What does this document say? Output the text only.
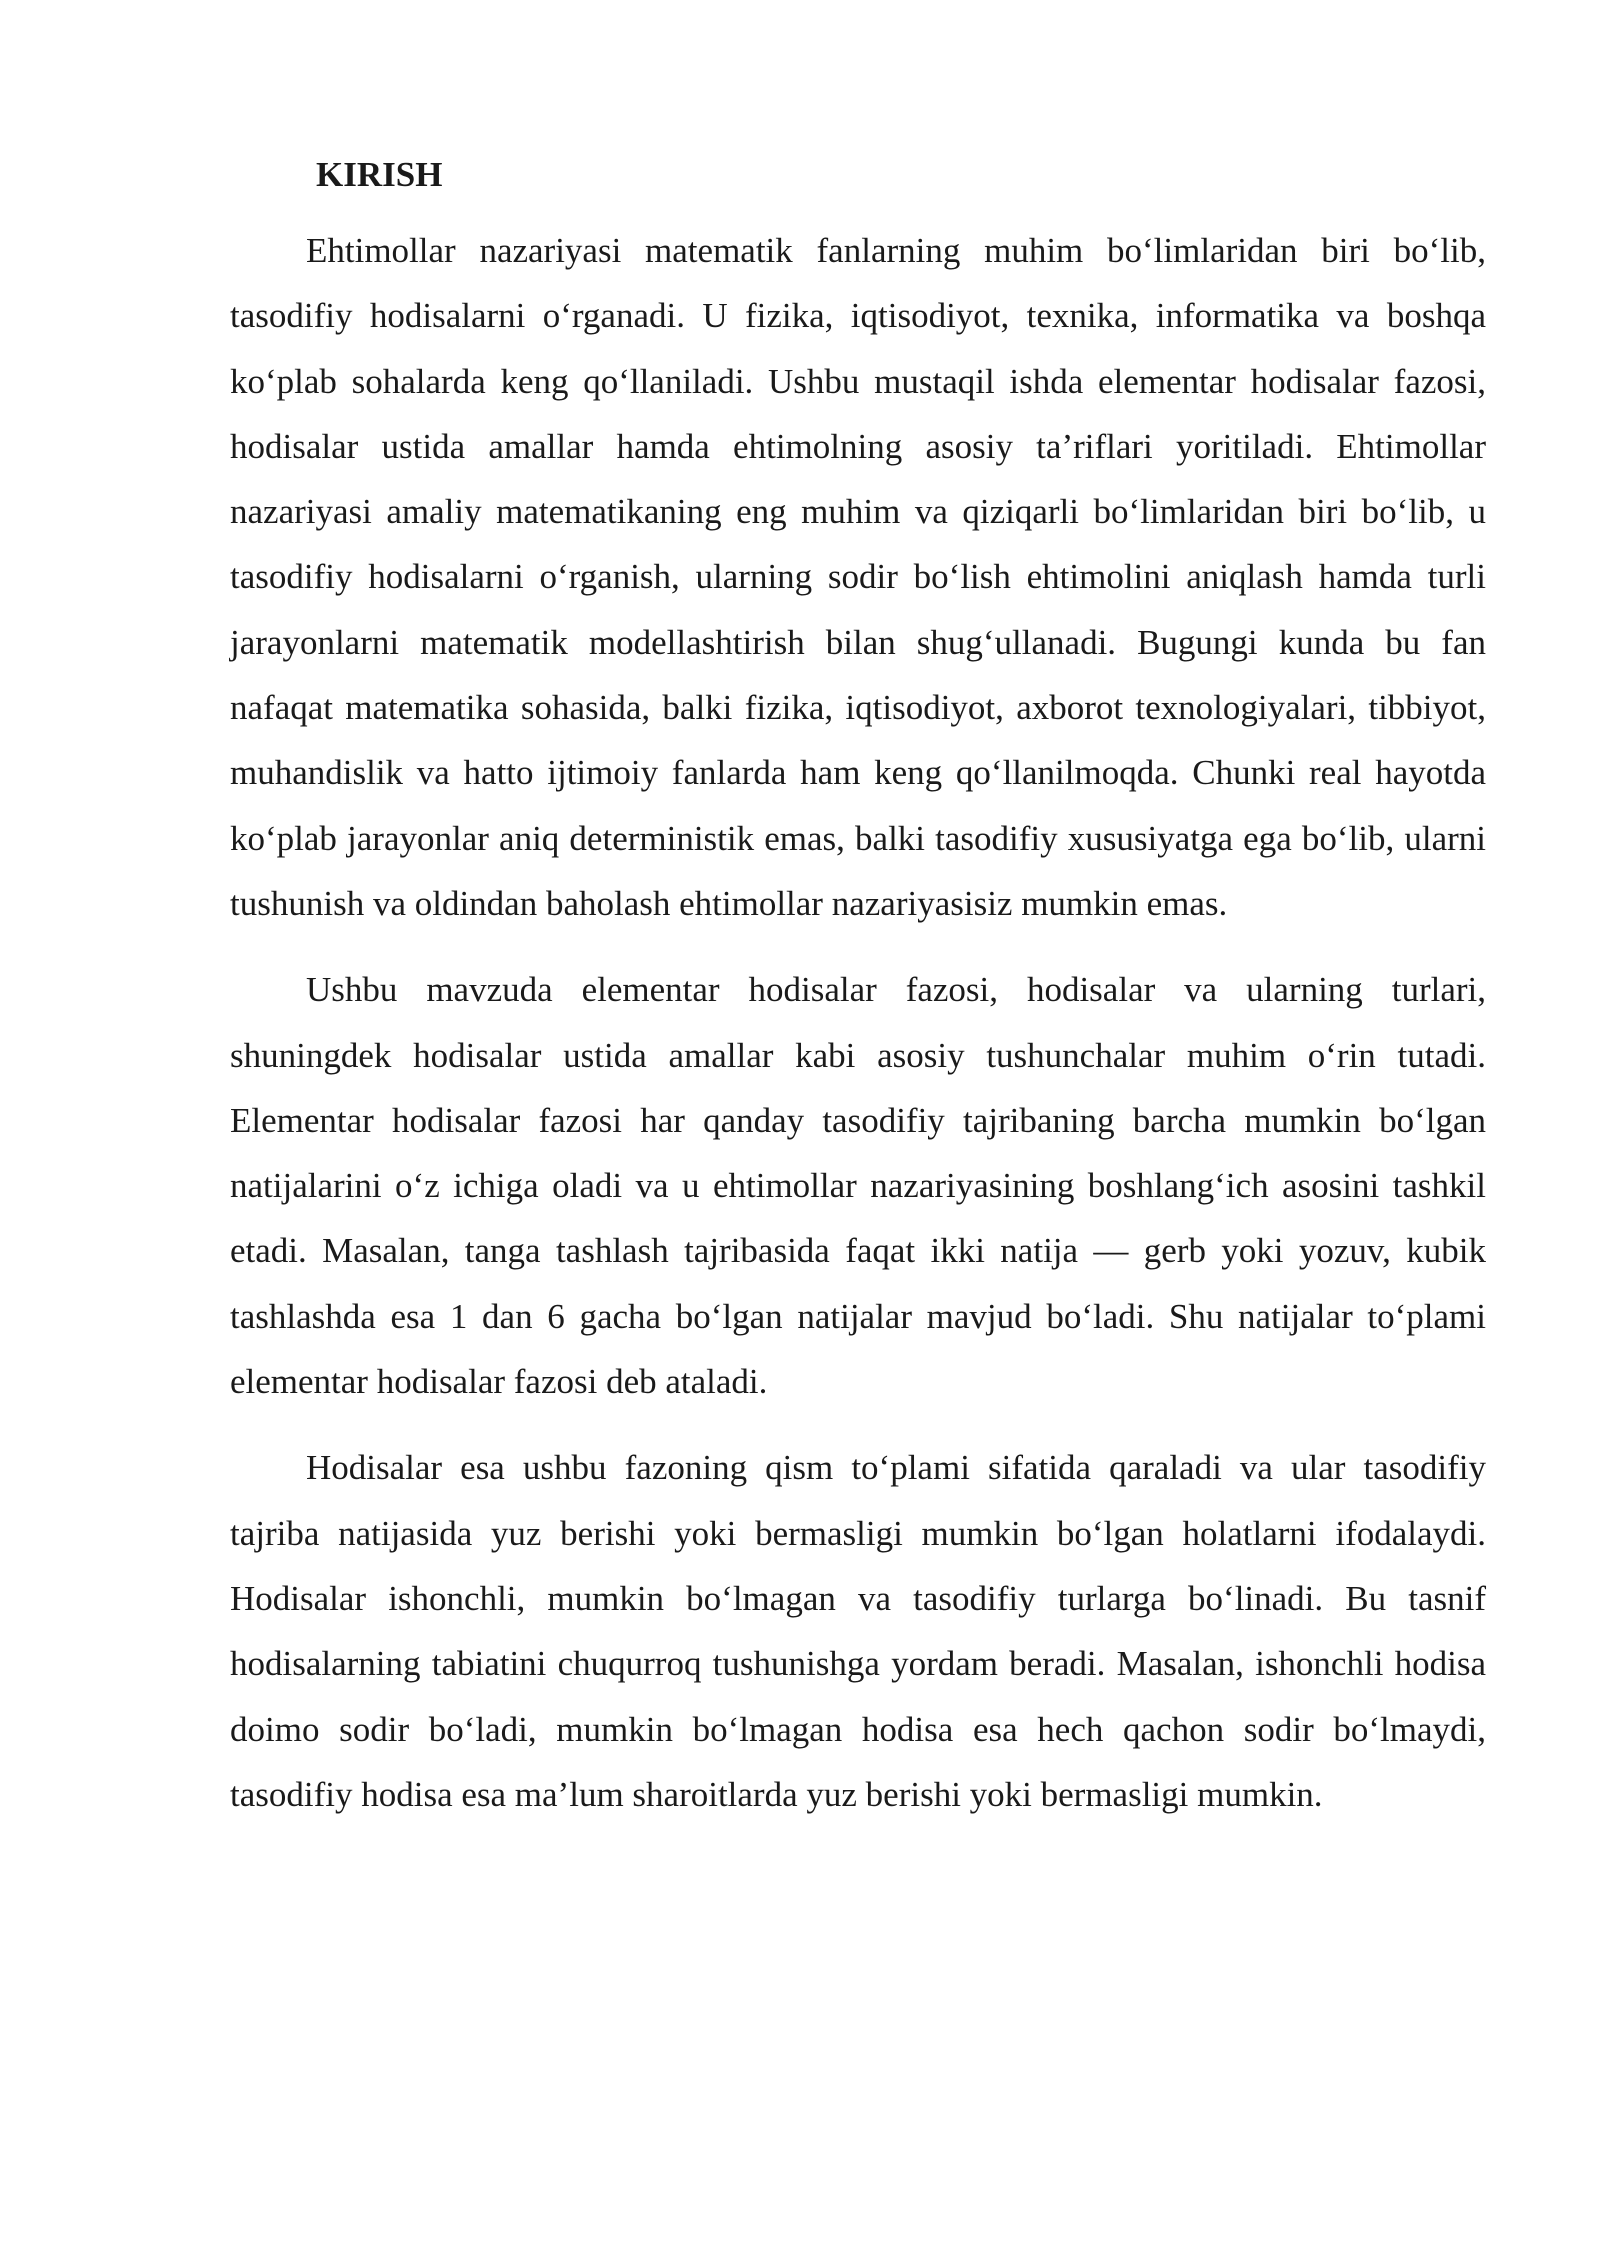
KIRISH

Ehtimollar nazariyasi matematik fanlarning muhim bo‘limlaridan biri bo‘lib, tasodifiy hodisalarni o‘rganadi. U fizika, iqtisodiyot, texnika, informatika va boshqa ko‘plab sohalarda keng qo‘llaniladi. Ushbu mustaqil ishda elementar hodisalar fazosi, hodisalar ustida amallar hamda ehtimolning asosiy ta’riflari yoritiladi. Ehtimollar nazariyasi amaliy matematikaning eng muhim va qiziqarli bo‘limlaridan biri bo‘lib, u tasodifiy hodisalarni o‘rganish, ularning sodir bo‘lish ehtimolini aniqlash hamda turli jarayonlarni matematik modellashtirish bilan shug‘ullanadi. Bugungi kunda bu fan nafaqat matematika sohasida, balki fizika, iqtisodiyot, axborot texnologiyalari, tibbiyot, muhandislik va hatto ijtimoiy fanlarda ham keng qo‘llanilmoqda. Chunki real hayotda ko‘plab jarayonlar aniq deterministik emas, balki tasodifiy xususiyatga ega bo‘lib, ularni tushunish va oldindan baholash ehtimollar nazariyasisiz mumkin emas.

Ushbu mavzuda elementar hodisalar fazosi, hodisalar va ularning turlari, shuningdek hodisalar ustida amallar kabi asosiy tushunchalar muhim o‘rin tutadi. Elementar hodisalar fazosi har qanday tasodifiy tajribaning barcha mumkin bo‘lgan natijalarini o‘z ichiga oladi va u ehtimollar nazariyasining boshlang‘ich asosini tashkil etadi. Masalan, tanga tashlash tajribasida faqat ikki natija — gerb yoki yozuv, kubik tashlashda esa 1 dan 6 gacha bo‘lgan natijalar mavjud bo‘ladi. Shu natijalar to‘plami elementar hodisalar fazosi deb ataladi.

Hodisalar esa ushbu fazoning qism to‘plami sifatida qaraladi va ular tasodifiy tajriba natijasida yuz berishi yoki bermasligi mumkin bo‘lgan holatlarni ifodalaydi. Hodisalar ishonchli, mumkin bo‘lmagan va tasodifiy turlarga bo‘linadi. Bu tasnif hodisalarning tabiatini chuqurroq tushunishga yordam beradi. Masalan, ishonchli hodisa doimo sodir bo‘ladi, mumkin bo‘lmagan hodisa esa hech qachon sodir bo‘lmaydi, tasodifiy hodisa esa ma’lum sharoitlarda yuz berishi yoki bermasligi mumkin.
